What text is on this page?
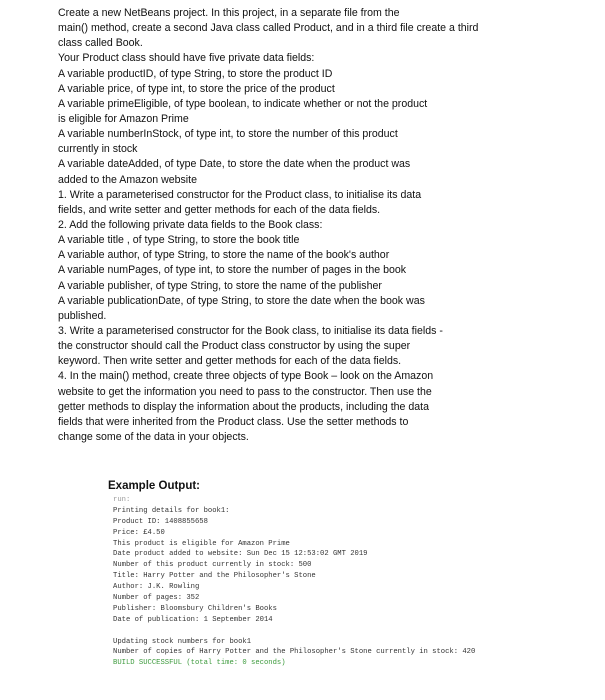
Create a new NetBeans project. In this project, in a separate file from the
main() method, create a second Java class called Product, and in a third file create a third
class called Book.
Your Product class should have five private data fields:
A variable productID, of type String, to store the product ID
A variable price, of type int, to store the price of the product
A variable primeEligible, of type boolean, to indicate whether or not the product
is eligible for Amazon Prime
A variable numberInStock, of type int, to store the number of this product
currently in stock
A variable dateAdded, of type Date, to store the date when the product was
added to the Amazon website
1. Write a parameterised constructor for the Product class, to initialise its data
fields, and write setter and getter methods for each of the data fields.
2. Add the following private data fields to the Book class:
A variable title , of type String, to store the book title
A variable author, of type String, to store the name of the book's author
A variable numPages, of type int, to store the number of pages in the book
A variable publisher, of type String, to store the name of the publisher
A variable publicationDate, of type String, to store the date when the book was
published.
3. Write a parameterised constructor for the Book class, to initialise its data fields -
the constructor should call the Product class constructor by using the super
keyword. Then write setter and getter methods for each of the data fields.
4. In the main() method, create three objects of type Book – look on the Amazon
website to get the information you need to pass to the constructor. Then use the
getter methods to display the information about the products, including the data
fields that were inherited from the Product class. Use the setter methods to
change some of the data in your objects.
Example Output:
run:
Printing details for book1:
Product ID: 1408855658
Price: £4.50
This product is eligible for Amazon Prime
Date product added to website: Sun Dec 15 12:53:02 GMT 2019
Number of this product currently in stock: 500
Title: Harry Potter and the Philosopher's Stone
Author: J.K. Rowling
Number of pages: 352
Publisher: Bloomsbury Children's Books
Date of publication: 1 September 2014
Updating stock numbers for book1
Number of copies of Harry Potter and the Philosopher's Stone currently in stock: 420
BUILD SUCCESSFUL (total time: 0 seconds)
